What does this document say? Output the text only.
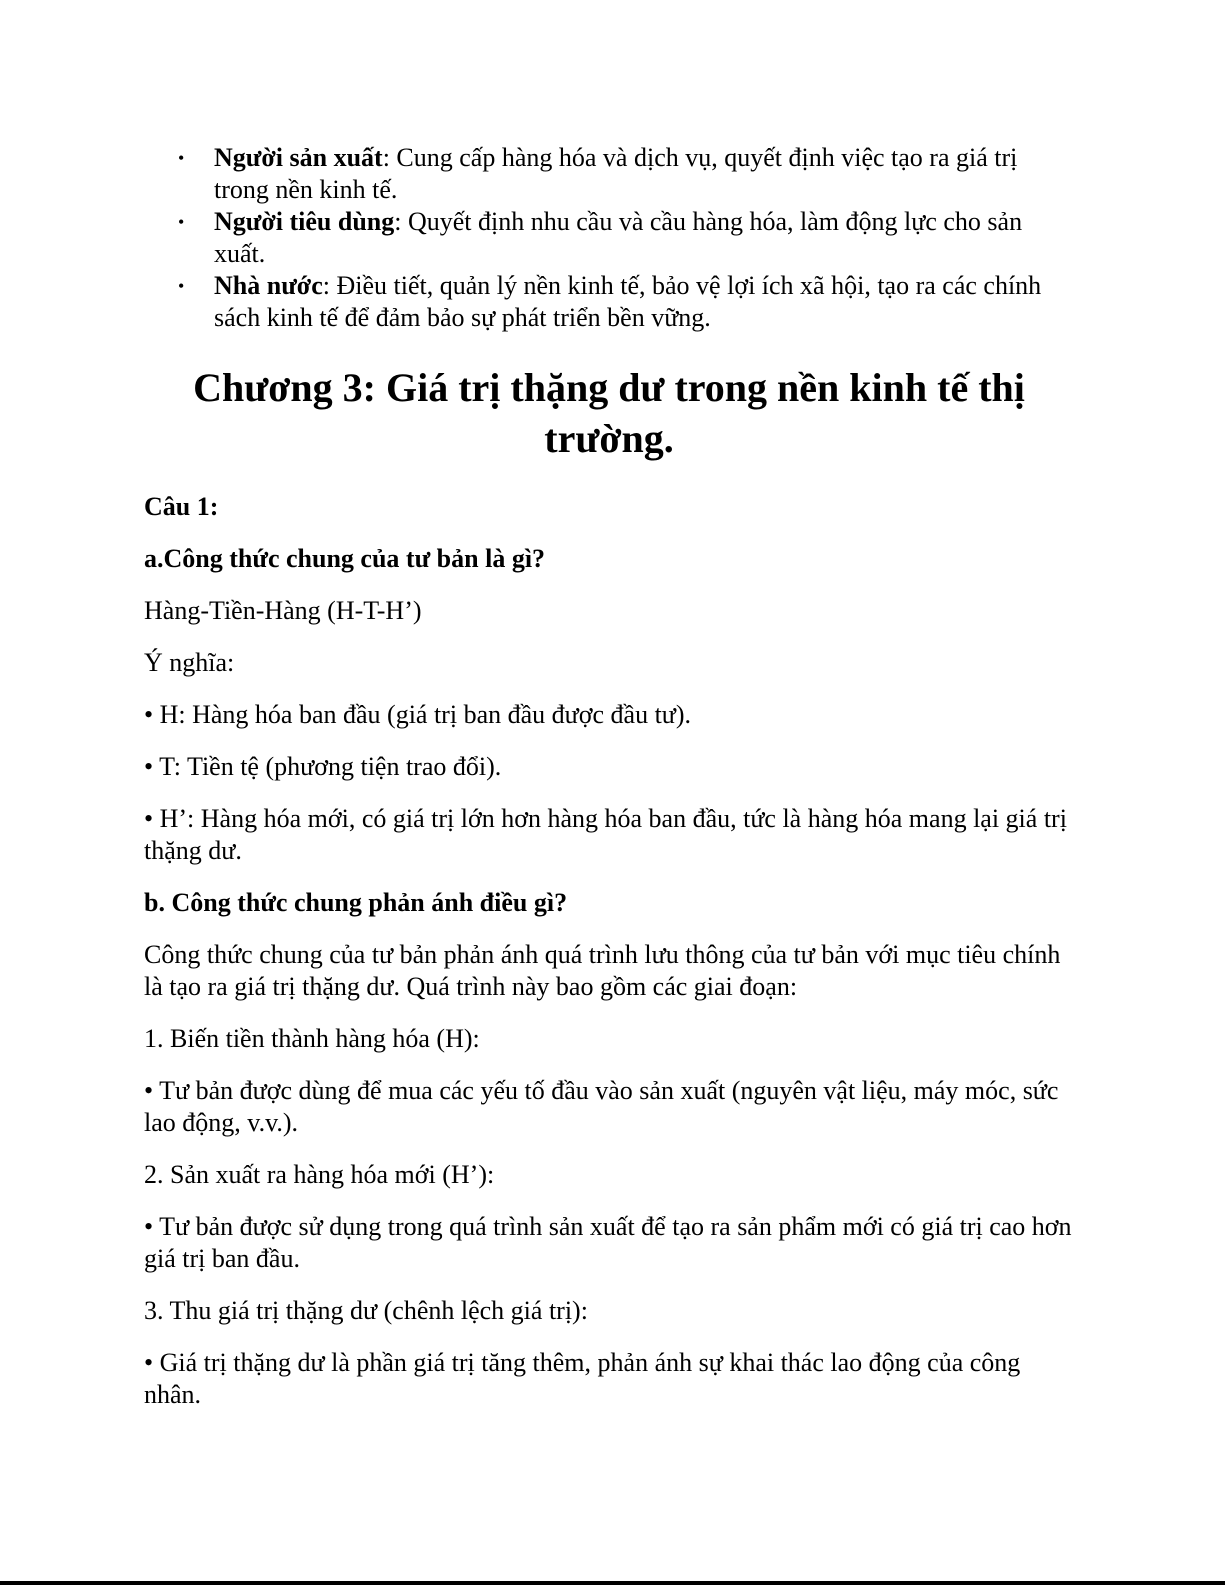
• Người sản xuất: Cung cấp hàng hóa và dịch vụ, quyết định việc tạo ra giá trị trong nền kinh tế.
• Người tiêu dùng: Quyết định nhu cầu và cầu hàng hóa, làm động lực cho sản xuất.
• Nhà nước: Điều tiết, quản lý nền kinh tế, bảo vệ lợi ích xã hội, tạo ra các chính sách kinh tế để đảm bảo sự phát triển bền vững.
Chương 3: Giá trị thặng dư trong nền kinh tế thị trường.

Câu 1:

a.Công thức chung của tư bản là gì?

Hàng-Tiền-Hàng (H-T-H’)

Ý nghĩa:

• H: Hàng hóa ban đầu (giá trị ban đầu được đầu tư).

• T: Tiền tệ (phương tiện trao đổi).

• H’: Hàng hóa mới, có giá trị lớn hơn hàng hóa ban đầu, tức là hàng hóa mang lại giá trị thặng dư.

b. Công thức chung phản ánh điều gì?

Công thức chung của tư bản phản ánh quá trình lưu thông của tư bản với mục tiêu chính là tạo ra giá trị thặng dư. Quá trình này bao gồm các giai đoạn:

1. Biến tiền thành hàng hóa (H):

• Tư bản được dùng để mua các yếu tố đầu vào sản xuất (nguyên vật liệu, máy móc, sức lao động, v.v.).

2. Sản xuất ra hàng hóa mới (H’):

• Tư bản được sử dụng trong quá trình sản xuất để tạo ra sản phẩm mới có giá trị cao hơn giá trị ban đầu.

3. Thu giá trị thặng dư (chênh lệch giá trị):

• Giá trị thặng dư là phần giá trị tăng thêm, phản ánh sự khai thác lao động của công nhân.
